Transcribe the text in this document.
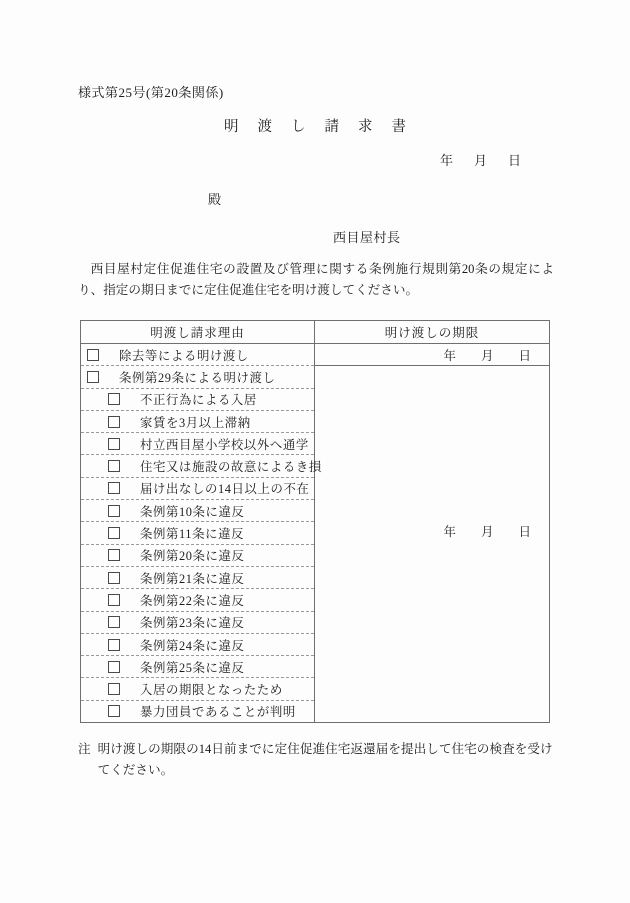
様式第25号(第20条関係)
明渡し請求書
年 月 日
殿
西目屋村長
西目屋村定住促進住宅の設置及び管理に関する条例施行規則第20条の規定により、指定の期日までに定住促進住宅を明け渡してください。
明渡し請求理由
除去等による明け渡し
条例第29条による明け渡し
不正行為による入居
家賃を3月以上滞納
村立西目屋小学校以外へ通学
住宅又は施設の故意によるき損
届け出なしの14日以上の不在
条例第10条に違反
条例第11条に違反
条例第20条に違反
条例第21条に違反
条例第22条に違反
条例第23条に違反
条例第24条に違反
条例第25条に違反
入居の期限となったため
暴力団員であることが判明
明け渡しの期限
年 月 日
年 月 日
注 明け渡しの期限の14日前までに定住促進住宅返還届を提出して住宅の検査を受けてください。
